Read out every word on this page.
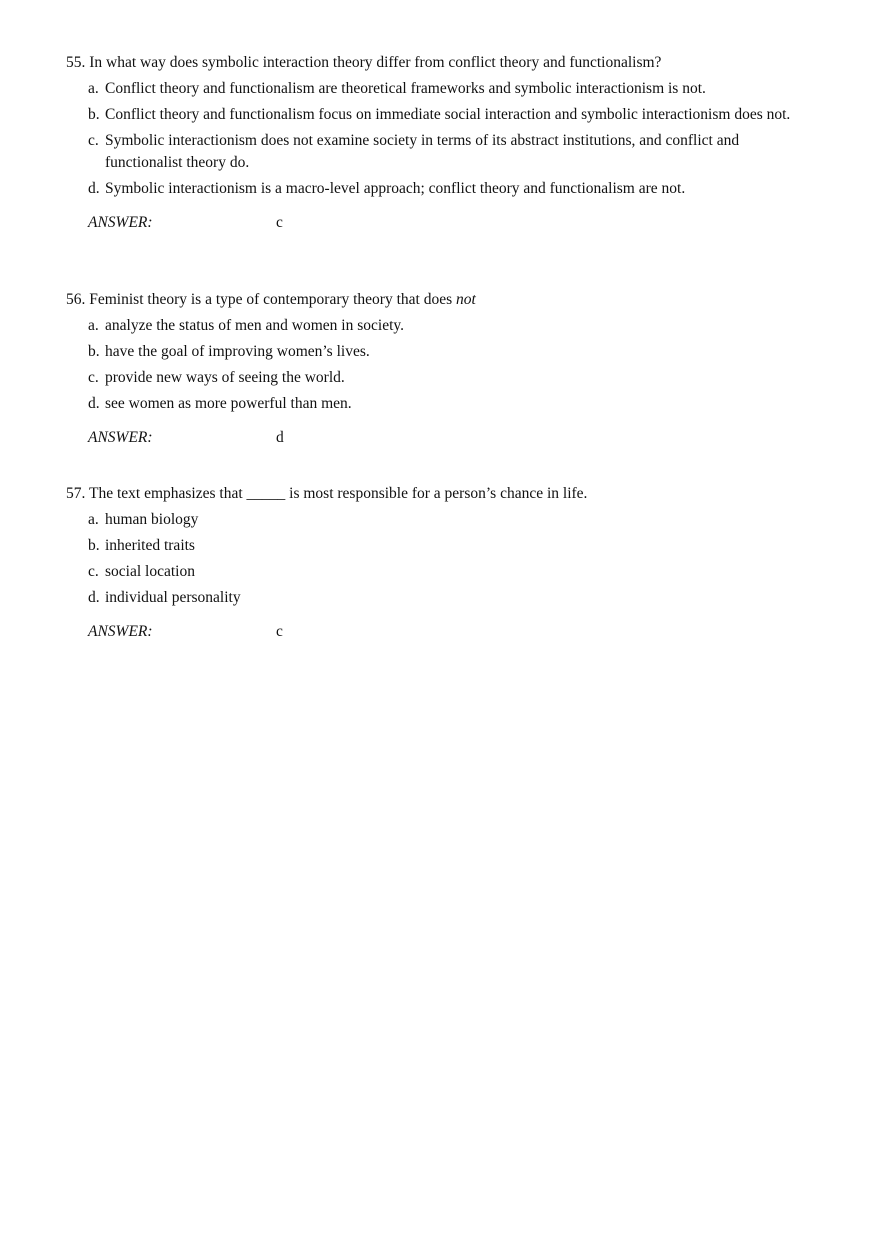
55. In what way does symbolic interaction theory differ from conflict theory and functionalism?

a. Conflict theory and functionalism are theoretical frameworks and symbolic interactionism is not.
b. Conflict theory and functionalism focus on immediate social interaction and symbolic interactionism does not.
c. Symbolic interactionism does not examine society in terms of its abstract institutions, and conflict and functionalist theory do.
d. Symbolic interactionism is a macro-level approach; conflict theory and functionalism are not.
ANSWER:	c

56. Feminist theory is a type of contemporary theory that does not

a. analyze the status of men and women in society.
b. have the goal of improving women’s lives.
c. provide new ways of seeing the world.
d. see women as more powerful than men.
ANSWER:	d

57. The text emphasizes that _____ is most responsible for a person’s chance in life.

a. human biology
b. inherited traits
c. social location
d. individual personality
ANSWER:	c
